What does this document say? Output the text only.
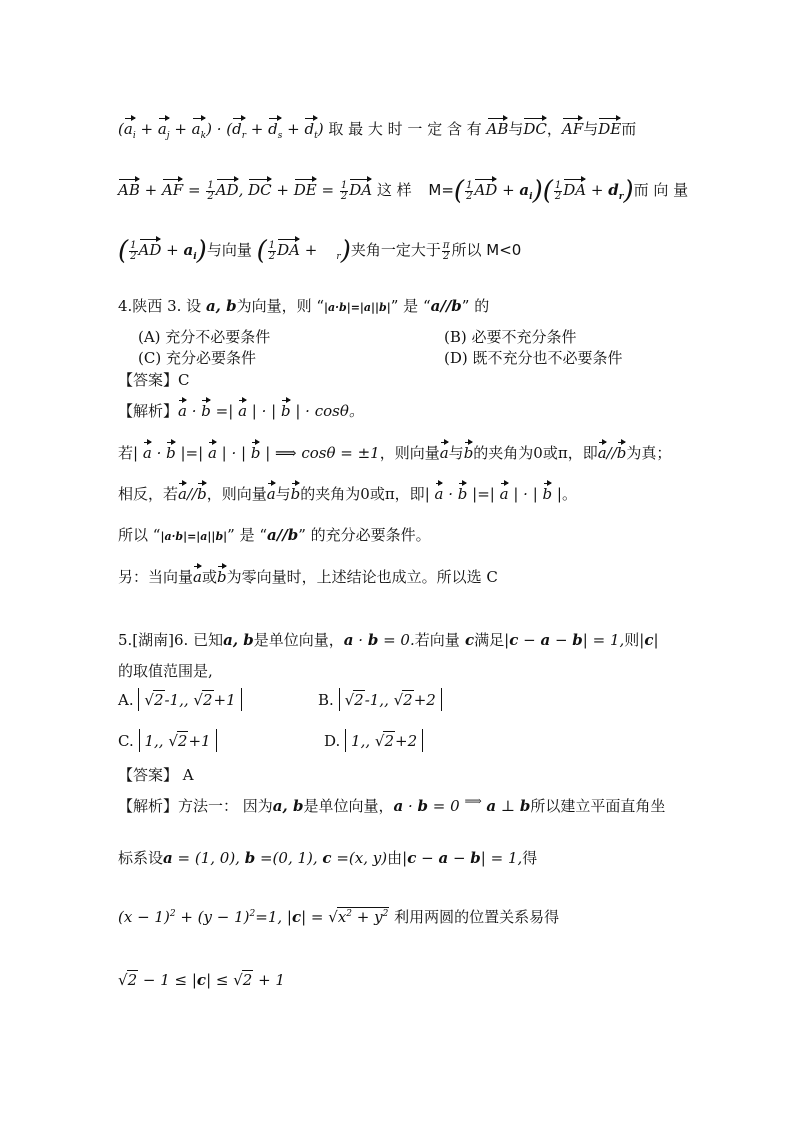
$(a_i + a_j + a_k) \cdot (d_r + d_s + d_t)$ 取 最 大 时 一 定 含 有 AB与DC，AF与DE而
AB + AF = $\frac{1}{2}$ AD, DC + DE = $\frac{1}{2}$ DA 这 样 $M=( \frac{1}{2}$ AD + $a_i)( \frac{1}{2}$ DA + $d_r$)而 向 量
( $\frac{1}{2}$ AD + $a_i$)与向量 ( $\frac{1}{2}$ DA +    $_r$)夹角一定大于 $\frac{\pi}{2}$ 所以 M<0
4.陕西 3. 设 a, b为向量，则 “|a·b|=|a||b|” 是 “a//b” 的
(A) 充分不必要条件	(B) 必要不充分条件
(C) 充分必要条件	(D) 既不充分也不必要条件
【答案】C
【解析】a · b =| a | · | b | · cosθ。
若| a · b |=| a | · | b | ⟹ cosθ = ±1，则向量a与b的夹角为0或π，即a//b为真；
相反，若a//b，则向量a与b的夹角为0或π，即| a · b |=| a | · | b |。
所以 “|a·b|=|a||b|” 是 “a//b” 的充分必要条件。
另：当向量a或b为零向量时，上述结论也成立。所以选 C
5.[湖南]6. 已知a, b是单位向量，a · b = 0.若向量 c满足|c − a − b| = 1,则|c|
的取值范围是,
A. √2-1,, √2+1	B. √2-1,, √2+2
C. 1,, √2+1	D. 1,, √2+2
【答案】 A
【解析】方法一： 因为a, b是单位向量，a · b = 0 ⟹ a ⊥ b所以建立平面直角坐
标系设a = (1, 0), b =(0, 1), c =(x, y)由|c − a − b| = 1,得
$(x - 1)^2 + (y - 1)^2=1$, $|c| = √x^2 + y^2$ 利用两圆的位置关系易得
√2 − 1 ≤ |c| ≤ √2 + 1
